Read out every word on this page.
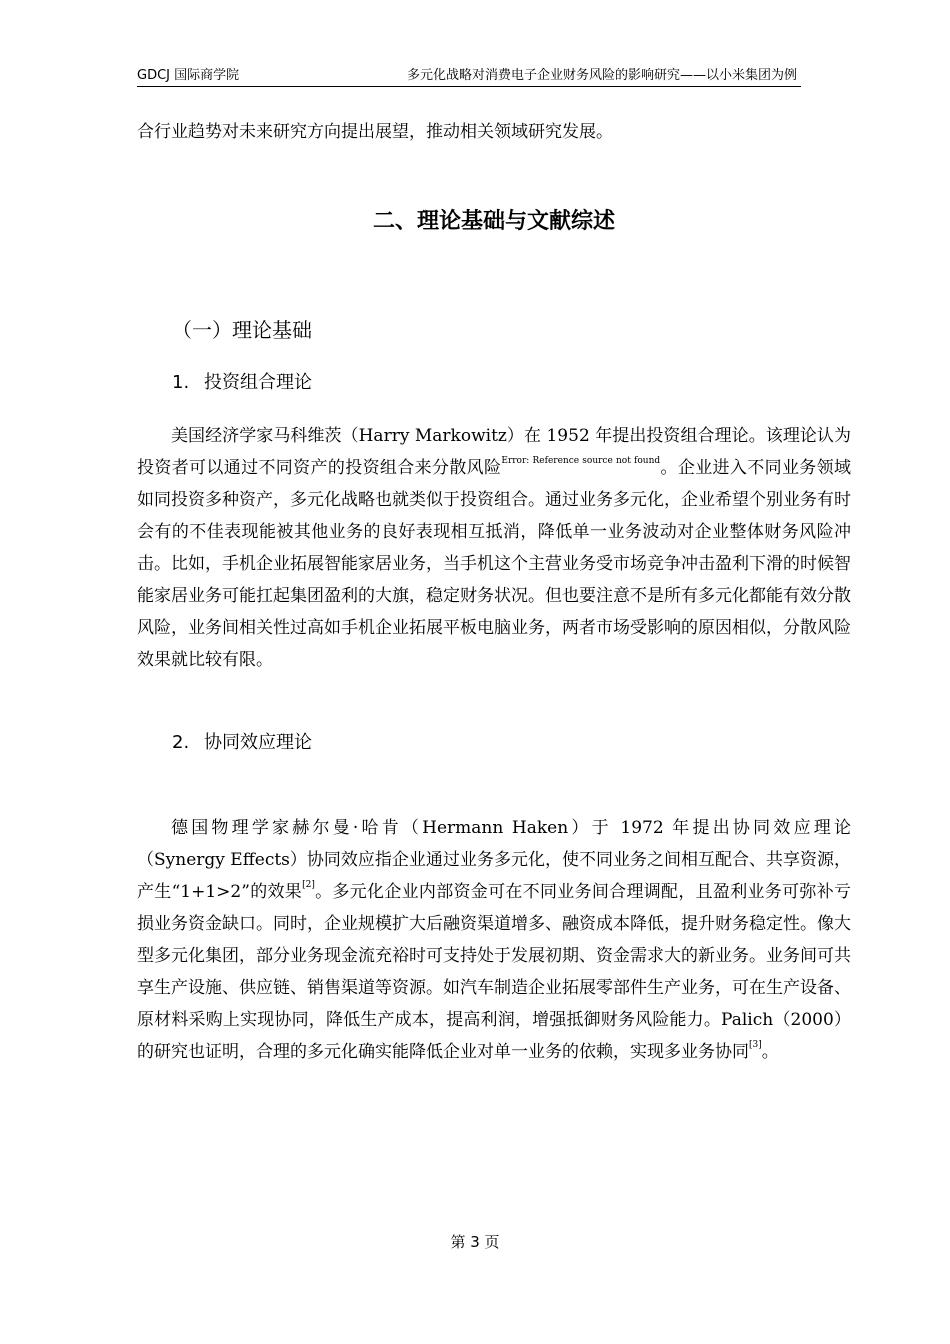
GDCJ 国际商学院	多元化战略对消费电子企业财务风险的影响研究——以小米集团为例

合行业趋势对未来研究方向提出展望，推动相关领域研究发展。

二、理论基础与文献综述
（一）理论基础
1. 投资组合理论

美国经济学家马科维茨（Harry Markowitz）在 1952 年提出投资组合理论。该理论认为投资者可以通过不同资产的投资组合来分散风险$^{Error: Reference source not found}$。企业进入不同业务领域如同投资多种资产，多元化战略也就类似于投资组合。通过业务多元化，企业希望个别业务有时会有的不佳表现能被其他业务的良好表现相互抵消，降低单一业务波动对企业整体财务风险冲击。比如，手机企业拓展智能家居业务，当手机这个主营业务受市场竞争冲击盈利下滑的时候智能家居业务可能扛起集团盈利的大旗，稳定财务状况。但也要注意不是所有多元化都能有效分散风险，业务间相关性过高如手机企业拓展平板电脑业务，两者市场受影响的原因相似，分散风险效果就比较有限。

2. 协同效应理论

德国物理学家赫尔曼·哈肯（Hermann Haken）于 1972 年提出协同效应理论（Synergy Effects）协同效应指企业通过业务多元化，使不同业务之间相互配合、共享资源，产生“1+1>2”的效果[2]。多元化企业内部资金可在不同业务间合理调配，且盈利业务可弥补亏损业务资金缺口。同时，企业规模扩大后融资渠道增多、融资成本降低，提升财务稳定性。像大型多元化集团，部分业务现金流充裕时可支持处于发展初期、资金需求大的新业务。业务间可共享生产设施、供应链、销售渠道等资源。如汽车制造企业拓展零部件生产业务，可在生产设备、原材料采购上实现协同，降低生产成本，提高利润，增强抵御财务风险能力。Palich（2000）的研究也证明，合理的多元化确实能降低企业对单一业务的依赖，实现多业务协同[3]。

第 3 页
